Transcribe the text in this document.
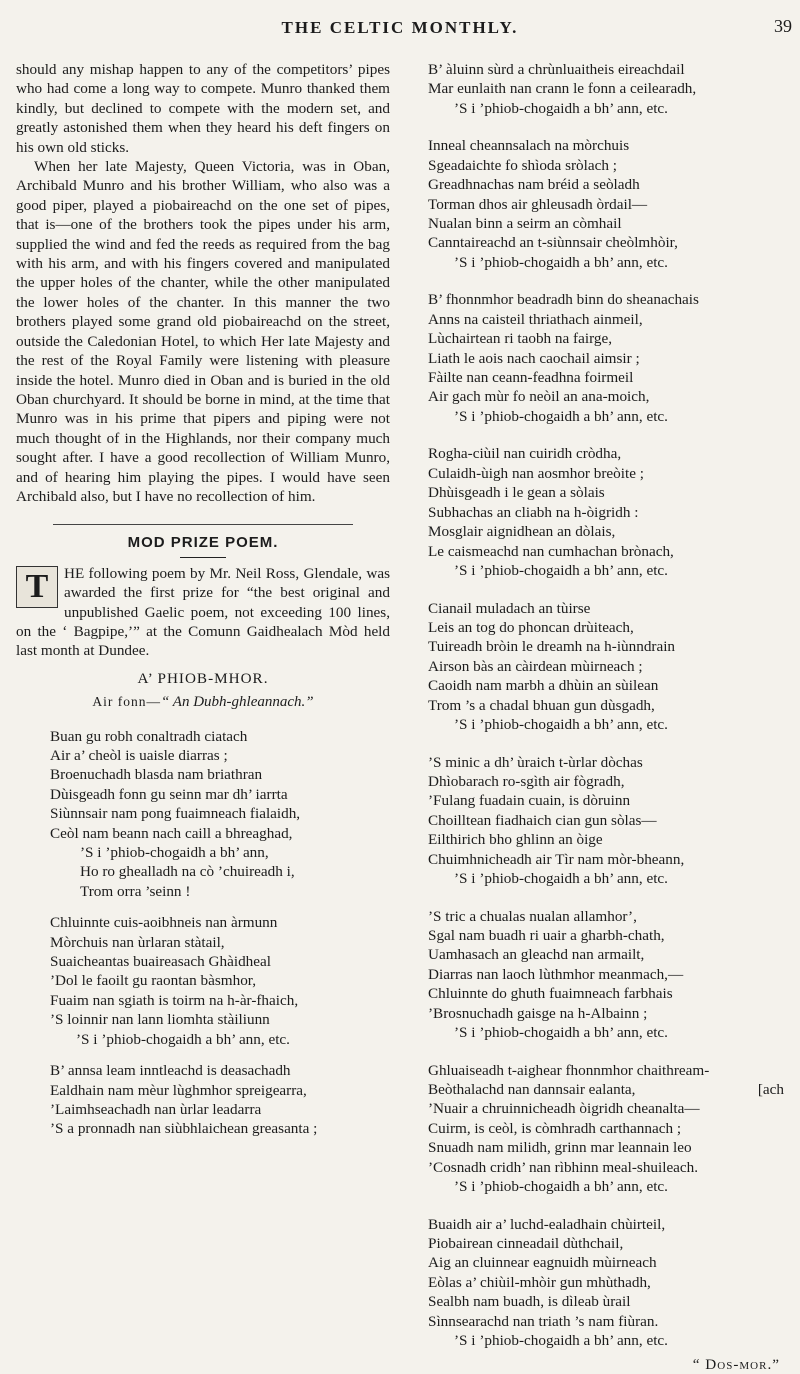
THE CELTIC MONTHLY.	39

should any mishap happen to any of the competitors’ pipes who had come a long way to compete. Munro thanked them kindly, but declined to compete with the modern set, and greatly astonished them when they heard his deft fingers on his own old sticks.

When her late Majesty, Queen Victoria, was in Oban, Archibald Munro and his brother William, who also was a good piper, played a piobaireachd on the one set of pipes, that is—one of the brothers took the pipes under his arm, supplied the wind and fed the reeds as required from the bag with his arm, and with his fingers covered and manipulated the upper holes of the chanter, while the other manipulated the lower holes of the chanter. In this manner the two brothers played some grand old piobaireachd on the street, outside the Caledonian Hotel, to which Her late Majesty and the rest of the Royal Family were listening with pleasure inside the hotel. Munro died in Oban and is buried in the old Oban churchyard. It should be borne in mind, at the time that Munro was in his prime that pipers and piping were not much thought of in the Highlands, nor their company much sought after. I have a good recollection of William Munro, and of hearing him playing the pipes. I would have seen Archibald also, but I have no recollection of him.

MOD PRIZE POEM.

T	HE following poem by Mr. Neil Ross, Glendale, was awarded the first prize for “the best original and unpublished Gaelic poem, not exceeding 100 lines, on the ‘ Bagpipe,’” at the Comunn Gaidhealach Mòd held last month at Dundee.

A’ PHIOB-MHOR.
Air fonn—“ An Dubh-ghleannach.”
Buan gu robh conaltradh ciatach
Air a’ cheòl is uaisle diarras ;
Broenuchadh blasda nam briathran
Dùisgeadh fonn gu seinn mar dh’ iarrta
Siùnnsair nam pong fuaimneach fialaidh,
Ceòl nam beann nach caill a bhreaghad,
’S i ’phiob-chogaidh a bh’ ann,
Ho ro ghealladh na cò ’chuireadh i,
Trom orra ’seinn !
Chluinnte cuis-aoibhneis nan àrmunn
Mòrchuis nan ùrlaran stàtail,
Suaicheantas buaireasach Ghàidheal
’Dol le faoilt gu raontan bàsmhor,
Fuaim nan sgiath is toirm na h-àr-fhaich,
’S loinnir nan lann liomhta stàiliunn
’S i ’phiob-chogaidh a bh’ ann, etc.
B’ annsa leam inntleachd is deasachadh
Ealdhain nam mèur lùghmhor spreigearra,
’Laimhseachadh nan ùrlar leadarra
’S a pronnadh nan siùbhlaichean greasanta ;
B’ àluinn sùrd a chrùnluaitheis eireachdail
Mar eunlaith nan crann le fonn a ceilearadh,
’S i ’phiob-chogaidh a bh’ ann, etc.
Inneal cheannsalach na mòrchuis
Sgeadaichte fo shìoda sròlach ;
Greadhnachas nam bréid a seòladh
Torman dhos air ghleusadh òrdail—
Nualan binn a seirm an còmhail
Canntaireachd an t-siùnnsair cheòlmhòir,
’S i ’phiob-chogaidh a bh’ ann, etc.
B’ fhonnmhor beadradh binn do sheanachais
Anns na caisteil thriathach ainmeil,
Lùchairtean ri taobh na fairge,
Liath le aois nach caochail aimsir ;
Fàilte nan ceann-feadhna foirmeil
Air gach mùr fo neòil an ana-moich,
’S i ’phiob-chogaidh a bh’ ann, etc.
Rogha-ciùil nan cuiridh cròdha,
Culaidh-ùigh nan aosmhor breòite ;
Dhùisgeadh i le gean a sòlais
Subhachas an cliabh na h-òigridh :
Mosglair aignidhean an dòlais,
Le caismeachd nan cumhachan brònach,
’S i ’phiob-chogaidh a bh’ ann, etc.
Cianail muladach an tùirse
Leis an tog do phoncan drùiteach,
Tuireadh bròin le dreamh na h-iùnndrain
Airson bàs an càirdean mùirneach ;
Caoidh nam marbh a dhùin an sùilean
Trom ’s a chadal bhuan gun dùsgadh,
’S i ’phiob-chogaidh a bh’ ann, etc.
’S minic a dh’ ùraich t-ùrlar dòchas
Dhìobarach ro-sgìth air fògradh,
’Fulang fuadain cuain, is dòruinn
Choilltean fiadhaich cian gun sòlas—
Eilthirich bho ghlinn an òige
Chuimhnicheadh air Tìr nam mòr-bheann,
’S i ’phiob-chogaidh a bh’ ann, etc.
’S tric a chualas nualan allamhor’,
Sgal nam buadh ri uair a gharbh-chath,
Uamhasach an gleachd nan armailt,
Diarras nan laoch lùthmhor meanmach,—
Chluinnte do ghuth fuaimneach farbhais
’Brosnuchadh gaisge na h-Albainn ;
’S i ’phiob-chogaidh a bh’ ann, etc.
Ghluaiseadh t-aighear fhonnmhor chaithream-
Beòthalachd nan dannsair ealanta,	[ach
’Nuair a chruinnicheadh òigridh cheanalta—
Cuirm, is ceòl, is còmhradh carthannach ;
Snuadh nam milidh, grinn mar leannain leo
’Cosnadh cridh’ nan rìbhinn meal-shuileach.
’S i ’phiob-chogaidh a bh’ ann, etc.
Buaidh air a’ luchd-ealadhain chùirteil,
Piobairean cinneadail dùthchail,
Aig an cluinnear eagnuidh mùirneach
Eòlas a’ chiùil-mhòir gun mhùthadh,
Sealbh nam buadh, is dìleab ùrail
Sìnnsearachd nan triath ’s nam fiùran.
’S i ’phiob-chogaidh a bh’ ann, etc.
“ Dos-mor.”
